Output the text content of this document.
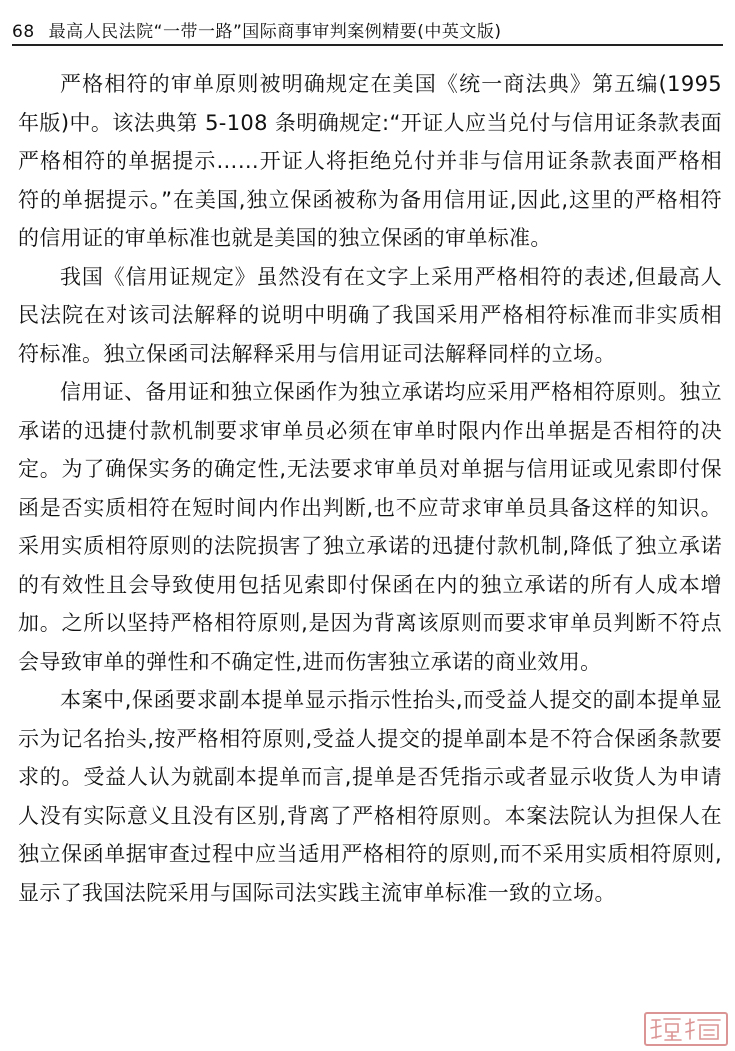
68 最高人民法院“一带一路”国际商事审判案例精要(中英文版)

严格相符的审单原则被明确规定在美国《统一商法典》第五编(1995 年版)中。该法典第 5-108 条明确规定:“开证人应当兑付与信用证条款表面严格相符的单据提示……开证人将拒绝兑付并非与信用证条款表面严格相符的单据提示。”在美国,独立保函被称为备用信用证,因此,这里的严格相符的信用证的审单标准也就是美国的独立保函的审单标准。

我国《信用证规定》虽然没有在文字上采用严格相符的表述,但最高人民法院在对该司法解释的说明中明确了我国采用严格相符标准而非实质相符标准。独立保函司法解释采用与信用证司法解释同样的立场。

信用证、备用证和独立保函作为独立承诺均应采用严格相符原则。独立承诺的迅捷付款机制要求审单员必须在审单时限内作出单据是否相符的决定。为了确保实务的确定性,无法要求审单员对单据与信用证或见索即付保函是否实质相符在短时间内作出判断,也不应苛求审单员具备这样的知识。采用实质相符原则的法院损害了独立承诺的迅捷付款机制,降低了独立承诺的有效性且会导致使用包括见索即付保函在内的独立承诺的所有人成本增加。之所以坚持严格相符原则,是因为背离该原则而要求审单员判断不符点会导致审单的弹性和不确定性,进而伤害独立承诺的商业效用。

本案中,保函要求副本提单显示指示性抬头,而受益人提交的副本提单显示为记名抬头,按严格相符原则,受益人提交的提单副本是不符合保函条款要求的。受益人认为就副本提单而言,提单是否凭指示或者显示收货人为申请人没有实际意义且没有区别,背离了严格相符原则。本案法院认为担保人在独立保函单据审查过程中应当适用严格相符的原则,而不采用实质相符原则,显示了我国法院采用与国际司法实践主流审单标准一致的立场。
